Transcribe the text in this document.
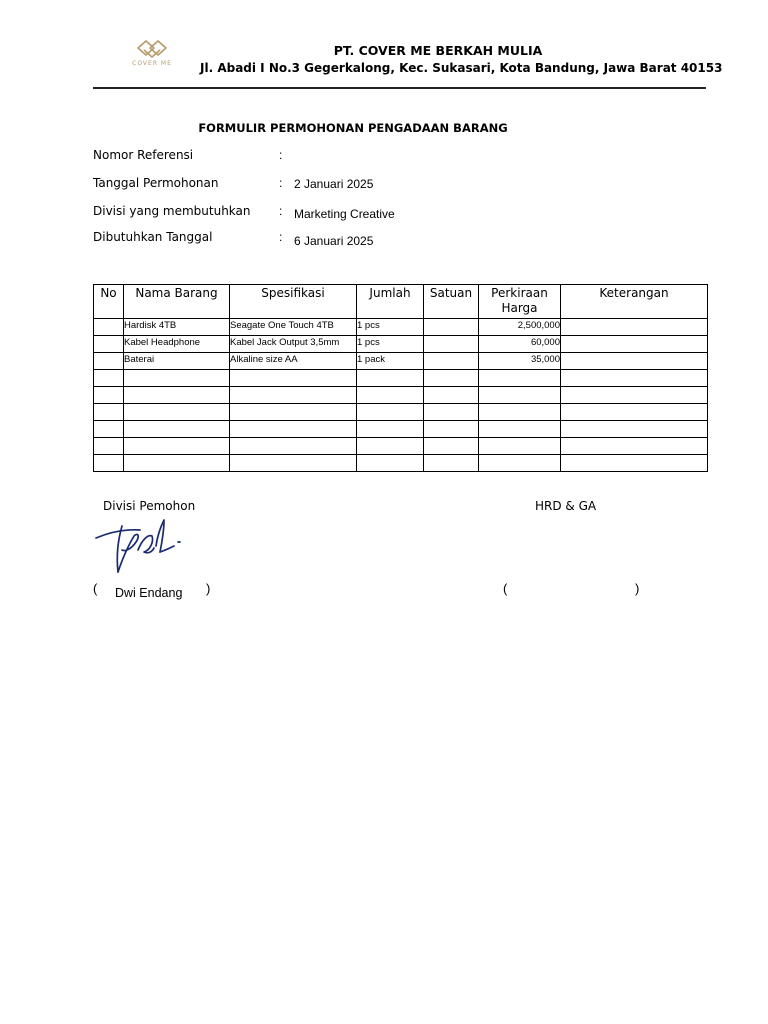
COVER ME
PT. COVER ME BERKAH MULIA
Jl. Abadi I No.3 Gegerkalong, Kec. Sukasari, Kota Bandung, Jawa Barat 40153
FORMULIR PERMOHONAN PENGADAAN BARANG
Nomor Referensi	:
Tanggal Permohonan	: 2 Januari 2025
Divisi yang membutuhkan : Marketing Creative
Dibutuhkan Tanggal	: 6 Januari 2025
No	Nama Barang	Spesifikasi	Jumlah	Satuan	Perkiraan Harga	Keterangan
	Hardisk 4TB	Seagate One Touch 4TB	1 pcs		2,500,000	
	Kabel Headphone	Kabel Jack Output 3,5mm	1 pcs		60,000	
	Baterai	Alkaline size AA	1 pack		35,000	

Divisi Pemohon	HRD & GA
( Dwi Endang )	(	)
